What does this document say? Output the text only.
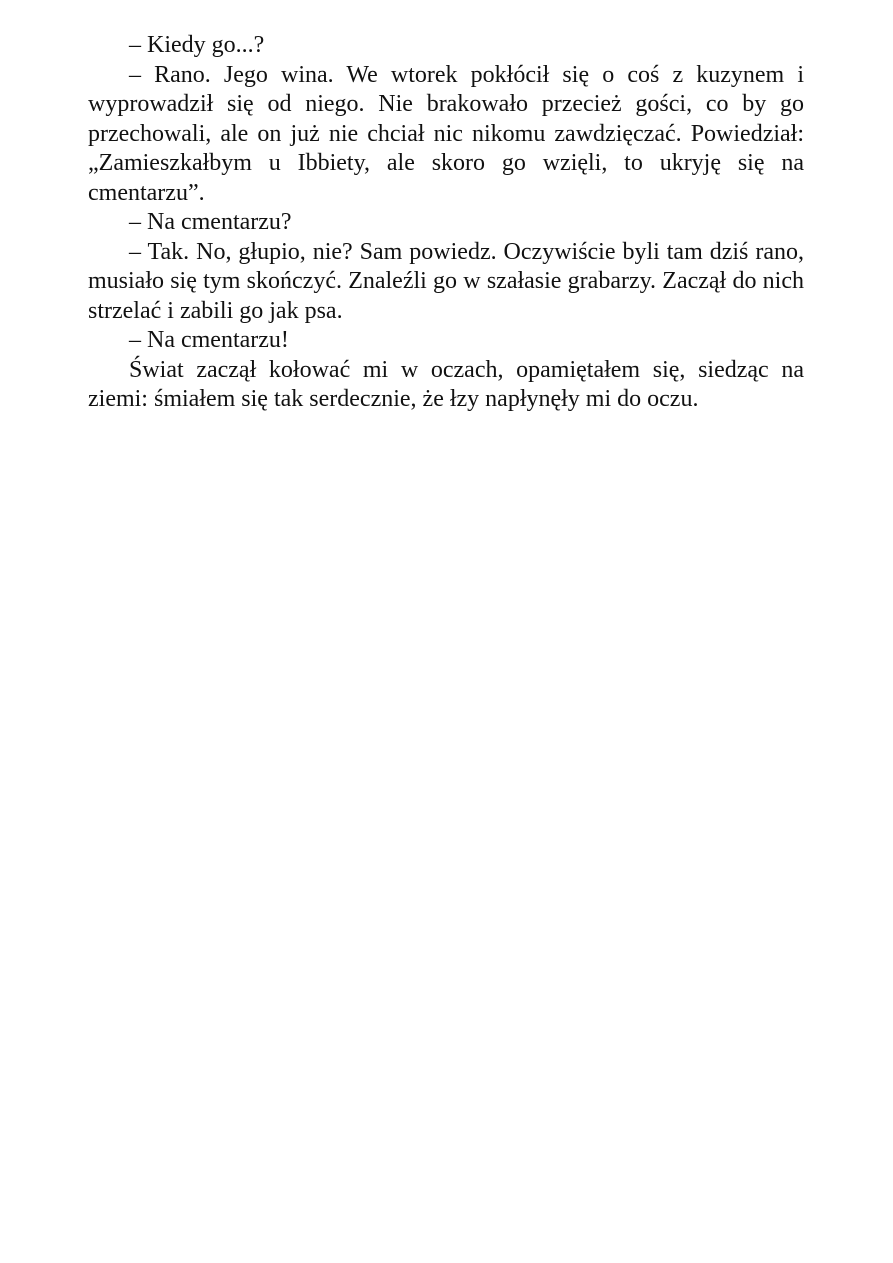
– Kiedy go...?

– Rano. Jego wina. We wtorek pokłócił się o coś z kuzynem i wyprowadził się od niego. Nie brakowało przecież gości, co by go przechowali, ale on już nie chciał nic nikomu zawdzięczać. Powiedział: „Zamieszkałbym u Ibbiety, ale skoro go wzięli, to ukryję się na cmentarzu”.

– Na cmentarzu?

– Tak. No, głupio, nie? Sam powiedz. Oczywiście byli tam dziś rano, musiało się tym skończyć. Znaleźli go w szałasie grabarzy. Zaczął do nich strzelać i zabili go jak psa.

– Na cmentarzu!

Świat zaczął kołować mi w oczach, opamiętałem się, siedząc na ziemi: śmiałem się tak serdecznie, że łzy napłynęły mi do oczu.
